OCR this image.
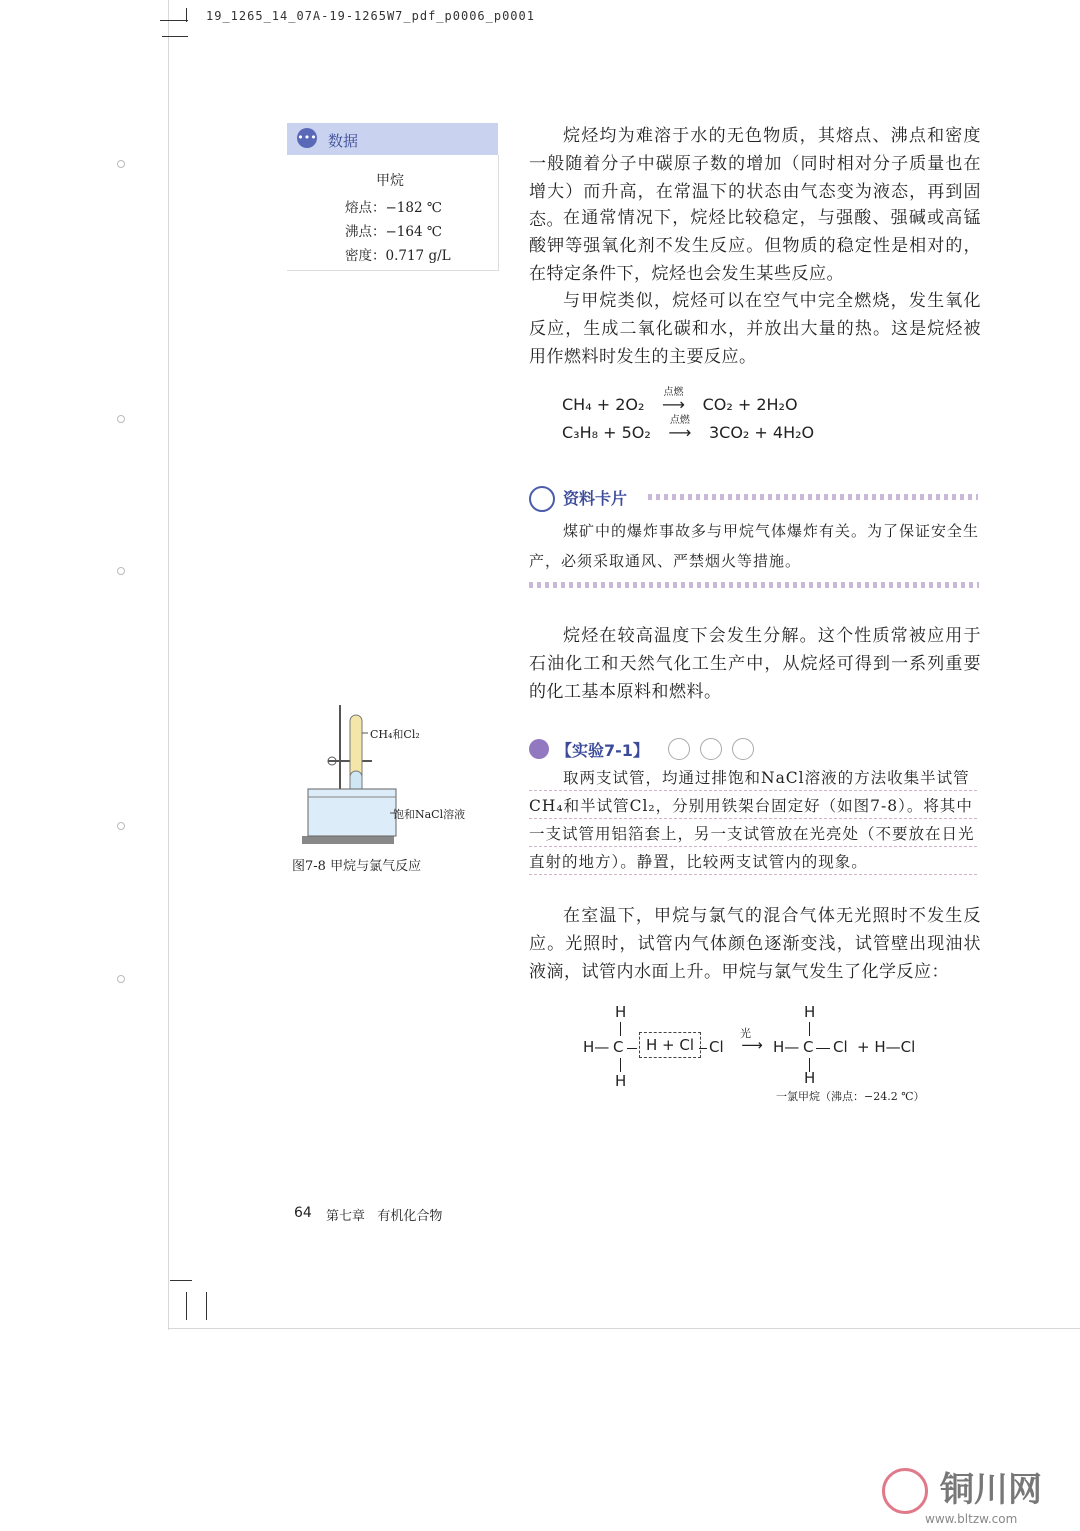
19_1265_14_07A-19-1265W7_pdf_p0006_p0001
••• 数据
甲烷
熔点：−182 ℃
沸点：−164 ℃
密度：0.717 g/L
烷烃均为难溶于水的无色物质，其熔点、沸点和密度一般随着分子中碳原子数的增加（同时相对分子质量也在增大）而升高，在常温下的状态由气态变为液态，再到固态。 在通常情况下，烷烃比较稳定，与强酸、强碱或高锰酸钾等强氧化剂不发生反应。但物质的稳定性是相对的，在特定条件下，烷烃也会发生某些反应。
与甲烷类似，烷烃可以在空气中完全燃烧，发生氧化反应，生成二氧化碳和水，并放出大量的热。这是烷烃被用作燃料时发生的主要反应。
CH₄ + 2O₂
点燃
⟶ CO₂ + 2H₂O
C₃H₈ + 5O₂
点燃
⟶ 3CO₂ + 4H₂O
资料卡片
煤矿中的爆炸事故多与甲烷气体爆炸有关。为了保证安全生产，必须采取通风、严禁烟火等措施。
烷烃在较高温度下会发生分解。这个性质常被应用于石油化工和天然气化工生产中，从烷烃可得到一系列重要的化工基本原料和燃料。
【实验7-1】
取两支试管，均通过排饱和NaCl溶液的方法收集半试管CH₄和半试管Cl₂，分别用铁架台固定好（如图7-8）。将其中一支试管用铝箔套上，另一支试管放在光亮处（不要放在日光直射的地方）。静置，比较两支试管内的现象。
CH₄和Cl₂
饱和NaCl溶液
图7-8 甲烷与氯气反应
在室温下，甲烷与氯气的混合气体无光照时不发生反应。光照时，试管内气体颜色逐渐变浅，试管壁出现油状液滴，试管内水面上升。甲烷与氯气发生了化学反应：
H
H
H— C	H + Cl Cl	⟶
光
H— C
H
H
Cl + H—Cl
一氯甲烷（沸点：−24.2 ℃）
64 第七章   有机化合物
铜川网
www.bltzw.com
